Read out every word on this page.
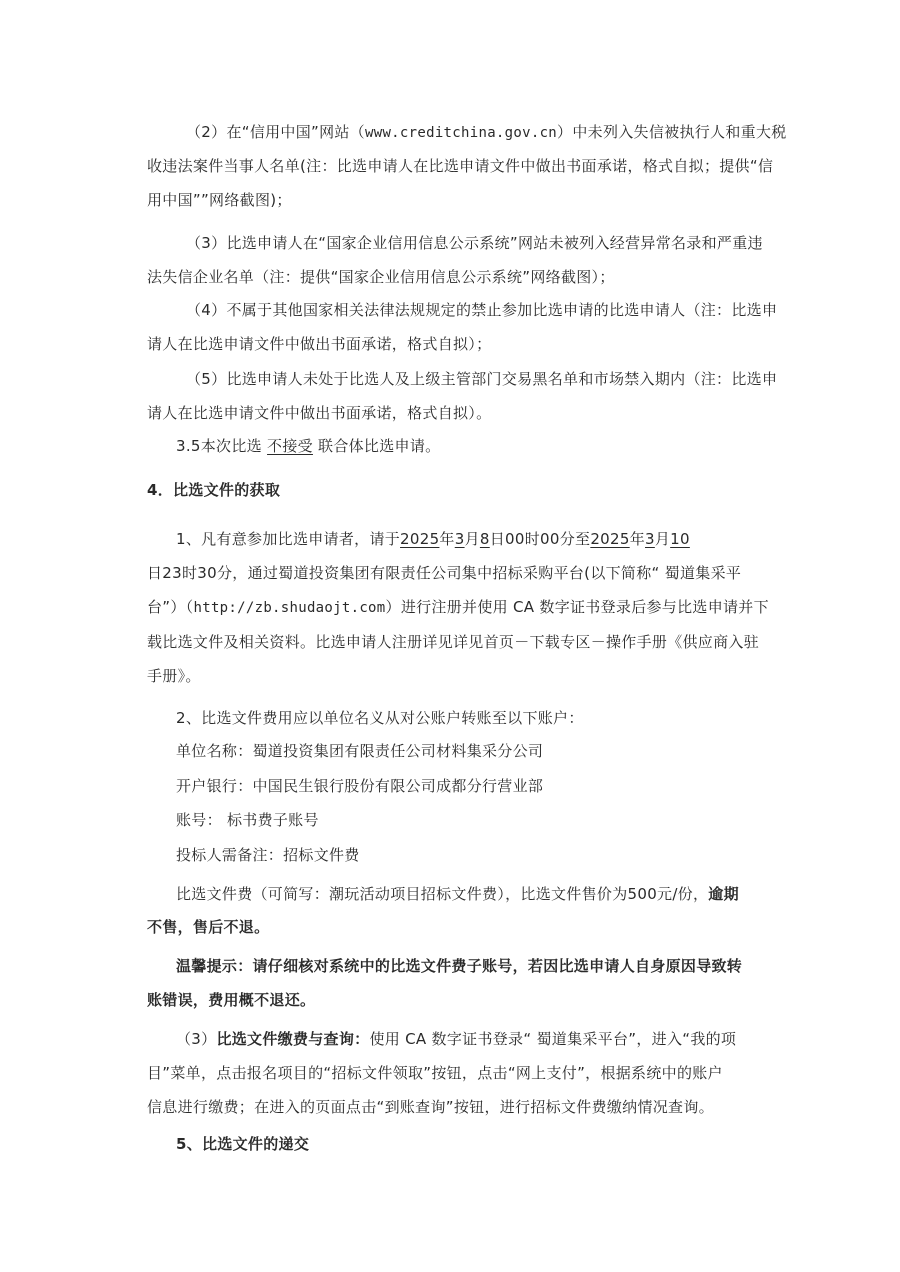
（2）在“信用中国”网站（www.creditchina.gov.cn）中未列入失信被执行人和重大税
收违法案件当事人名单(注：比选申请人在比选申请文件中做出书面承诺，格式自拟；提供“信
用中国””网络截图)；
（3）比选申请人在“国家企业信用信息公示系统”网站未被列入经营异常名录和严重违
法失信企业名单（注：提供“国家企业信用信息公示系统”网络截图）；
（4）不属于其他国家相关法律法规规定的禁止参加比选申请的比选申请人（注：比选申
请人在比选申请文件中做出书面承诺，格式自拟）；
（5）比选申请人未处于比选人及上级主管部门交易黑名单和市场禁入期内（注：比选申
请人在比选申请文件中做出书面承诺，格式自拟）。
3.5本次比选 不接受 联合体比选申请。
4．比选文件的获取
1、凡有意参加比选申请者，请于2025年3月8日00时00分至2025年3月10
日23时30分，通过蜀道投资集团有限责任公司集中招标采购平台(以下简称“ 蜀道集采平
台”）（http://zb.shudaojt.com）进行注册并使用 CA 数字证书登录后参与比选申请并下
载比选文件及相关资料。比选申请人注册详见详见首页－下载专区－操作手册《供应商入驻
手册》。
2、比选文件费用应以单位名义从对公账户转账至以下账户：
单位名称：蜀道投资集团有限责任公司材料集采分公司
开户银行：中国民生银行股份有限公司成都分行营业部
账号： 标书费子账号
投标人需备注：招标文件费
比选文件费（可简写：潮玩活动项目招标文件费），比选文件售价为500元/份，逾期
不售，售后不退。
温馨提示：请仔细核对系统中的比选文件费子账号，若因比选申请人自身原因导致转
账错误，费用概不退还。
（3）比选文件缴费与查询：使用 CA 数字证书登录“ 蜀道集采平台”，进入“我的项
目”菜单，点击报名项目的“招标文件领取”按钮，点击“网上支付”，根据系统中的账户
信息进行缴费；在进入的页面点击“到账查询”按钮，进行招标文件费缴纳情况查询。
5、比选文件的递交
